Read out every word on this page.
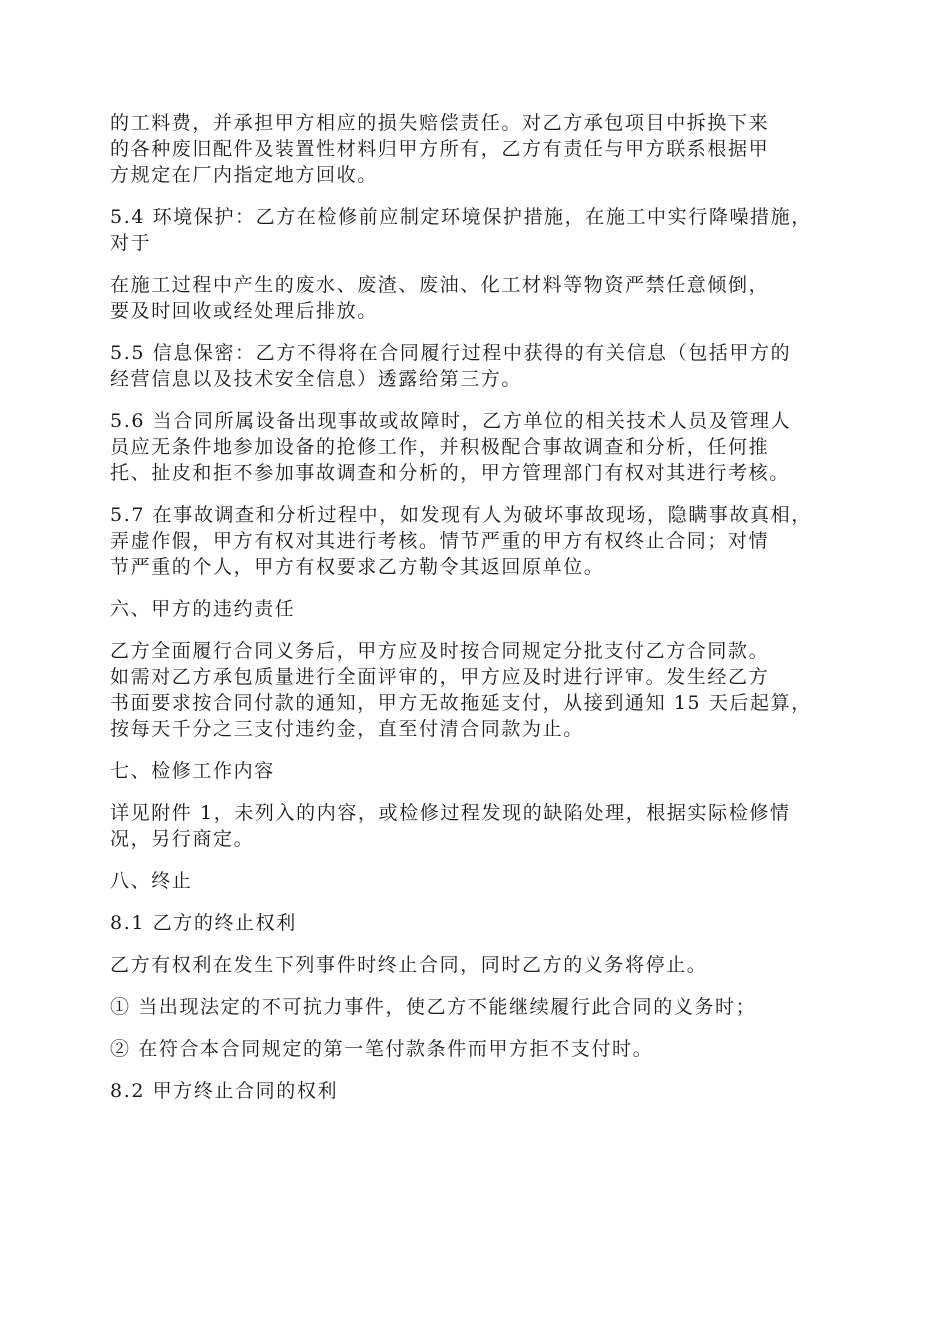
的工料费，并承担甲方相应的损失赔偿责任。对乙方承包项目中拆换下来
的各种废旧配件及装置性材料归甲方所有，乙方有责任与甲方联系根据甲
方规定在厂内指定地方回收。

5.4 环境保护：乙方在检修前应制定环境保护措施，在施工中实行降噪措施，
对于

在施工过程中产生的废水、废渣、废油、化工材料等物资严禁任意倾倒，
要及时回收或经处理后排放。

5.5 信息保密：乙方不得将在合同履行过程中获得的有关信息（包括甲方的
经营信息以及技术安全信息）透露给第三方。

5.6 当合同所属设备出现事故或故障时，乙方单位的相关技术人员及管理人
员应无条件地参加设备的抢修工作，并积极配合事故调查和分析，任何推
托、扯皮和拒不参加事故调查和分析的，甲方管理部门有权对其进行考核。

5.7 在事故调查和分析过程中，如发现有人为破坏事故现场，隐瞒事故真相，
弄虚作假，甲方有权对其进行考核。情节严重的甲方有权终止合同；对情
节严重的个人，甲方有权要求乙方勒令其返回原单位。

六、甲方的违约责任

乙方全面履行合同义务后，甲方应及时按合同规定分批支付乙方合同款。
如需对乙方承包质量进行全面评审的，甲方应及时进行评审。发生经乙方
书面要求按合同付款的通知，甲方无故拖延支付，从接到通知 15 天后起算，
按每天千分之三支付违约金，直至付清合同款为止。

七、检修工作内容

详见附件 1，未列入的内容，或检修过程发现的缺陷处理，根据实际检修情
况，另行商定。

八、终止

8.1 乙方的终止权利

乙方有权利在发生下列事件时终止合同，同时乙方的义务将停止。

① 当出现法定的不可抗力事件，使乙方不能继续履行此合同的义务时；

② 在符合本合同规定的第一笔付款条件而甲方拒不支付时。

8.2 甲方终止合同的权利
